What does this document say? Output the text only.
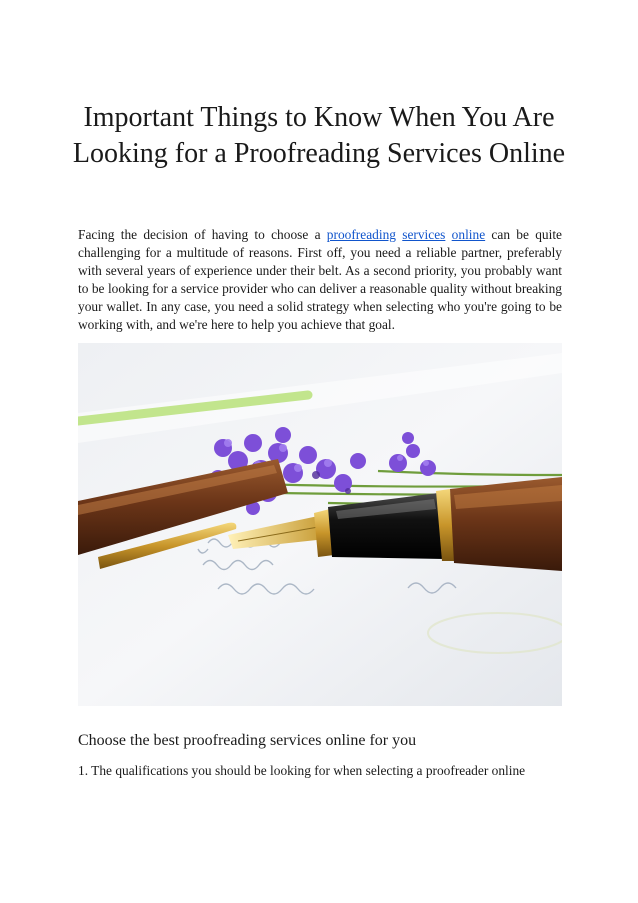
Important Things to Know When You Are Looking for a Proofreading Services Online

Facing the decision of having to choose a proofreading services online can be quite challenging for a multitude of reasons. First off, you need a reliable partner, preferably with several years of experience under their belt. As a second priority, you probably want to be looking for a service provider who can deliver a reasonable quality without breaking your wallet. In any case, you need a solid strategy when selecting who you're going to be working with, and we're here to help you achieve that goal.

Choose the best proofreading services online for you

1. The qualifications you should be looking for when selecting a proofreader online
